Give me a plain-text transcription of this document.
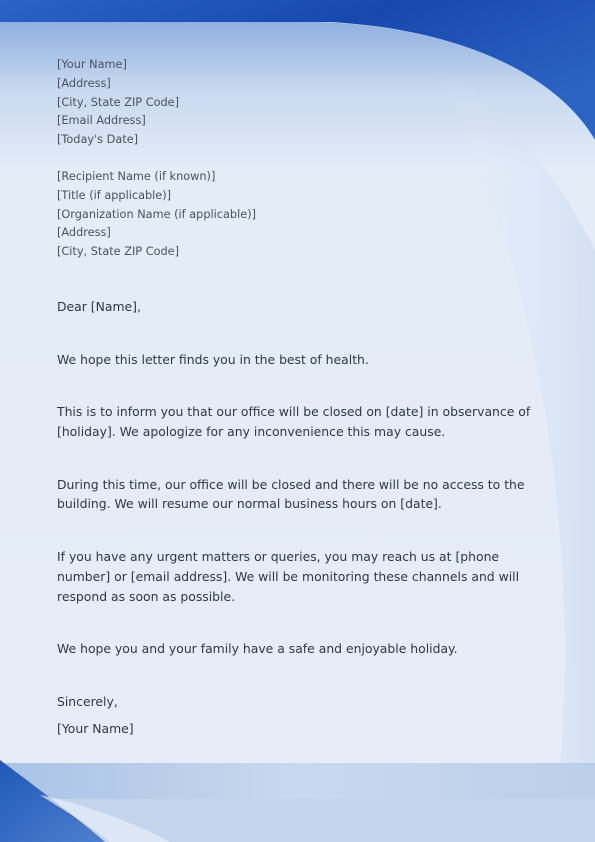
[Your Name]
[Address]
[City, State ZIP Code]
[Email Address]
[Today's Date]
[Recipient Name (if known)]
[Title (if applicable)]
[Organization Name (if applicable)]
[Address]
[City, State ZIP Code]

Dear [Name],

We hope this letter finds you in the best of health.

This is to inform you that our office will be closed on [date] in observance of [holiday]. We apologize for any inconvenience this may cause.

During this time, our office will be closed and there will be no access to the building. We will resume our normal business hours on [date].

If you have any urgent matters or queries, you may reach us at [phone number] or [email address]. We will be monitoring these channels and will respond as soon as possible.

We hope you and your family have a safe and enjoyable holiday.

Sincerely,

[Your Name]
